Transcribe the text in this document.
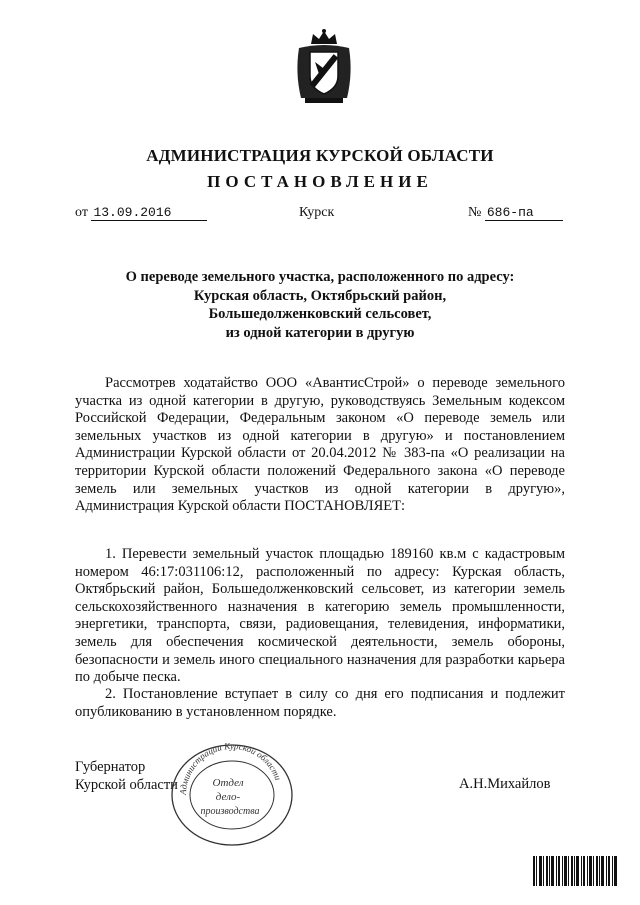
АДМИНИСТРАЦИЯ КУРСКОЙ ОБЛАСТИ
ПОСТАНОВЛЕНИЕ
от 13.09.2016	Курск	№ 686-па
О переводе земельного участка, расположенного по адресу:
Курская область, Октябрьский район,
Большедолженковский сельсовет,
из одной категории в другую
Рассмотрев ходатайство ООО «АвантисСтрой» о переводе земельного участка из одной категории в другую, руководствуясь Земельным кодексом Российской Федерации, Федеральным законом «О переводе земель или земельных участков из одной категории в другую» и постановлением Администрации Курской области от 20.04.2012 № 383-па «О реализации на территории Курской области положений Федерального закона «О переводе земель или земельных участков из одной категории в другую», Администрация Курской области ПОСТАНОВЛЯЕТ:
1. Перевести земельный участок площадью 189160 кв.м с кадастровым номером 46:17:031106:12, расположенный по адресу: Курская область, Октябрьский район, Большедолженковский сельсовет, из категории земель сельскохозяйственного назначения в категорию земель промышленности, энергетики, транспорта, связи, радиовещания, телевидения, информатики, земель для обеспечения космической деятельности, земель обороны, безопасности и земель иного специального назначения для разработки карьера по добыче песка.
2. Постановление вступает в силу со дня его подписания и подлежит опубликованию в установленном порядке.
Губернатор
Курской области	А.Н.Михайлов
Администрации Курской области
Отдел
дело-
производства
